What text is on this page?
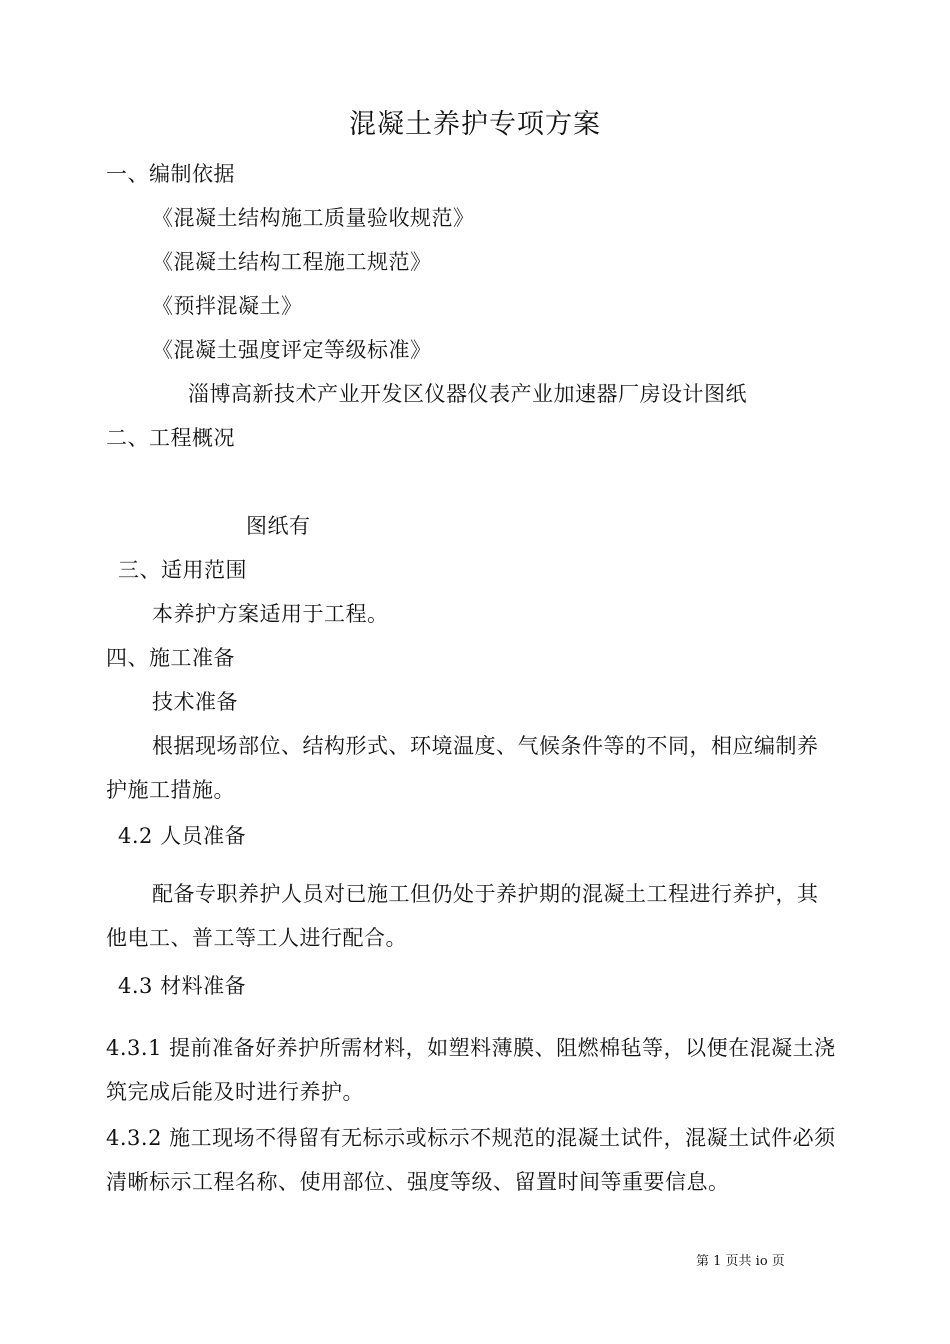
混凝土养护专项方案
一、编制依据
《混凝土结构施工质量验收规范》
《混凝土结构工程施工规范》
《预拌混凝土》
《混凝土强度评定等级标准》
淄博高新技术产业开发区仪器仪表产业加速器厂房设计图纸
二、工程概况
图纸有
三、适用范围
本养护方案适用于工程。
四、施工准备
技术准备
根据现场部位、结构形式、环境温度、气候条件等的不同，相应编制养
护施工措施。
4.2 人员准备
配备专职养护人员对已施工但仍处于养护期的混凝土工程进行养护，其
他电工、普工等工人进行配合。
4.3 材料准备
4.3.1 提前准备好养护所需材料，如塑料薄膜、阻燃棉毡等，以便在混凝土浇
筑完成后能及时进行养护。
4.3.2 施工现场不得留有无标示或标示不规范的混凝土试件，混凝土试件必须
清晰标示工程名称、使用部位、强度等级、留置时间等重要信息。
第 1 页共 io 页
